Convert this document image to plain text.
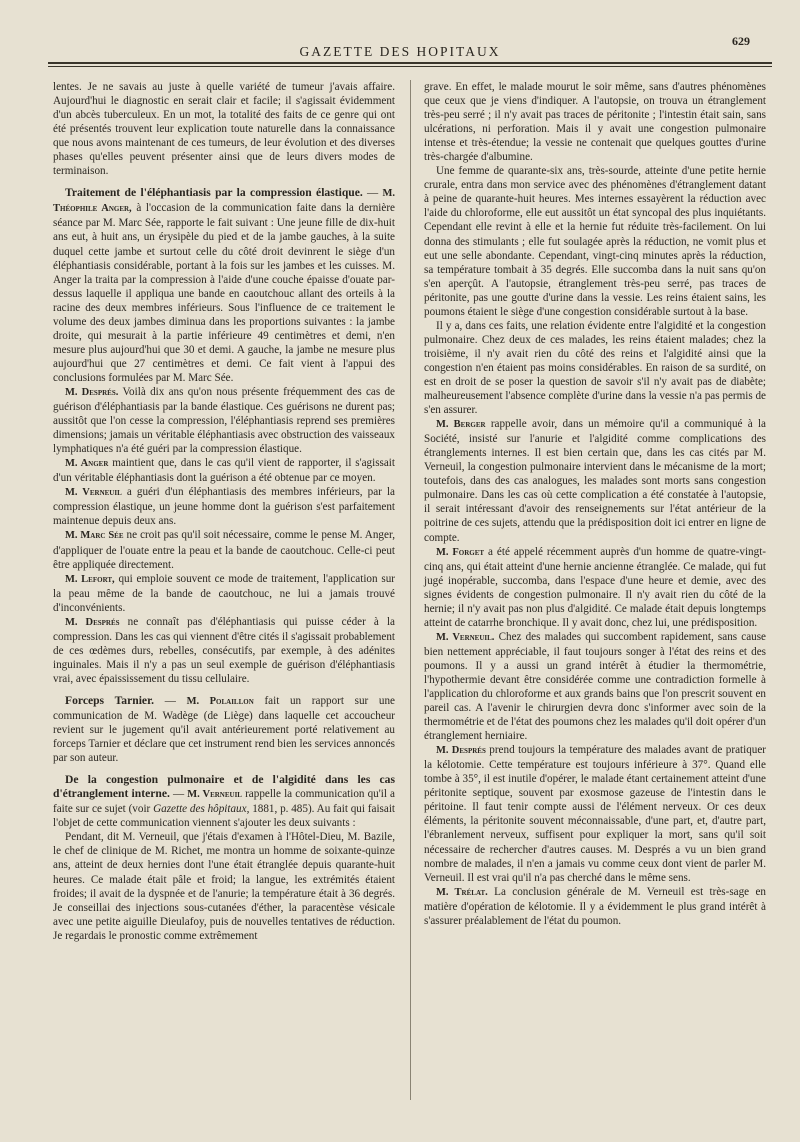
GAZETTE DES HOPITAUX
629

lentes. Je ne savais au juste à quelle variété de tumeur j'avais affaire. Aujourd'hui le diagnostic en serait clair et facile; il s'agissait évidemment d'un abcès tuberculeux. En un mot, la totalité des faits de ce genre qui ont été présentés trouvent leur explication toute naturelle dans la connaissance que nous avons maintenant de ces tumeurs, de leur évolution et des diverses phases qu'elles peuvent présenter ainsi que de leurs divers modes de terminaison.

Traitement de l'éléphantiasis par la compression élastique. — M. Théophile Anger, à l'occasion de la communication faite dans la dernière séance par M. Marc Sée, rapporte le fait suivant : Une jeune fille de dix-huit ans eut, à huit ans, un érysipèle du pied et de la jambe gauches, à la suite duquel cette jambe et surtout celle du côté droit devinrent le siège d'un éléphantiasis considérable, portant à la fois sur les jambes et les cuisses. M. Anger la traita par la compression à l'aide d'une couche épaisse d'ouate par-dessus laquelle il appliqua une bande en caoutchouc allant des orteils à la racine des deux membres inférieurs. Sous l'influence de ce traitement le volume des deux jambes diminua dans les proportions suivantes : la jambe droite, qui mesurait à la partie inférieure 49 centimètres et demi, n'en mesure plus aujourd'hui que 30 et demi. A gauche, la jambe ne mesure plus aujourd'hui que 27 centimètres et demi. Ce fait vient à l'appui des conclusions formulées par M. Marc Sée.

M. Després. Voilà dix ans qu'on nous présente fréquemment des cas de guérison d'éléphantiasis par la bande élastique. Ces guérisons ne durent pas; aussitôt que l'on cesse la compression, l'éléphantiasis reprend ses premières dimensions; jamais un véritable éléphantiasis avec obstruction des vaisseaux lymphatiques n'a été guéri par la compression élastique.

M. Anger maintient que, dans le cas qu'il vient de rapporter, il s'agissait d'un véritable éléphantiasis dont la guérison a été obtenue par ce moyen.

M. Verneuil a guéri d'un éléphantiasis des membres inférieurs, par la compression élastique, un jeune homme dont la guérison s'est parfaitement maintenue depuis deux ans.

M. Marc Sée ne croit pas qu'il soit nécessaire, comme le pense M. Anger, d'appliquer de l'ouate entre la peau et la bande de caoutchouc. Celle-ci peut être appliquée directement.

M. Lefort, qui emploie souvent ce mode de traitement, l'application sur la peau même de la bande de caoutchouc, ne lui a jamais trouvé d'inconvénients.

M. Després ne connaît pas d'éléphantiasis qui puisse céder à la compression. Dans les cas qui viennent d'être cités il s'agissait probablement de ces œdèmes durs, rebelles, consécutifs, par exemple, à des adénites inguinales. Mais il n'y a pas un seul exemple de guérison d'éléphantiasis vrai, avec épaississement du tissu cellulaire.

Forceps Tarnier. — M. Polaillon fait un rapport sur une communication de M. Wadège (de Liège) dans laquelle cet accoucheur revient sur le jugement qu'il avait antérieurement porté relativement au forceps Tarnier et déclare que cet instrument rend bien les services annoncés par son auteur.

De la congestion pulmonaire et de l'algidité dans les cas d'étranglement interne. — M. Verneuil rappelle la communication qu'il a faite sur ce sujet (voir Gazette des hôpitaux, 1881, p. 485). Au fait qui faisait l'objet de cette communication viennent s'ajouter les deux suivants :

Pendant, dit M. Verneuil, que j'étais d'examen à l'Hôtel-Dieu, M. Bazile, le chef de clinique de M. Richet, me montra un homme de soixante-quinze ans, atteint de deux hernies dont l'une était étranglée depuis quarante-huit heures. Ce malade était pâle et froid; la langue, les extrémités étaient froides; il avait de la dyspnée et de l'anurie; la température était à 36 degrés. Je conseillai des injections sous-cutanées d'éther, la paracentèse vésicale avec une petite aiguille Dieulafoy, puis de nouvelles tentatives de réduction. Je regardais le pronostic comme extrêmement

grave. En effet, le malade mourut le soir même, sans d'autres phénomènes que ceux que je viens d'indiquer. A l'autopsie, on trouva un étranglement très-peu serré ; il n'y avait pas traces de péritonite ; l'intestin était sain, sans ulcérations, ni perforation. Mais il y avait une congestion pulmonaire intense et très-étendue; la vessie ne contenait que quelques gouttes d'urine très-chargée d'albumine.

Une femme de quarante-six ans, très-sourde, atteinte d'une petite hernie crurale, entra dans mon service avec des phénomènes d'étranglement datant à peine de quarante-huit heures. Mes internes essayèrent la réduction avec l'aide du chloroforme, elle eut aussitôt un état syncopal des plus inquiétants. Cependant elle revint à elle et la hernie fut réduite très-facilement. On lui donna des stimulants ; elle fut soulagée après la réduction, ne vomit plus et eut une selle abondante. Cependant, vingt-cinq minutes après la réduction, sa température tombait à 35 degrés. Elle succomba dans la nuit sans qu'on s'en aperçût. A l'autopsie, étranglement très-peu serré, pas traces de péritonite, pas une goutte d'urine dans la vessie. Les reins étaient sains, les poumons étaient le siège d'une congestion considérable surtout à la base.

Il y a, dans ces faits, une relation évidente entre l'algidité et la congestion pulmonaire. Chez deux de ces malades, les reins étaient malades; chez la troisième, il n'y avait rien du côté des reins et l'algidité ainsi que la congestion n'en étaient pas moins considérables. En raison de sa surdité, on est en droit de se poser la question de savoir s'il n'y avait pas de diabète; malheureusement l'absence complète d'urine dans la vessie n'a pas permis de s'en assurer.

M. Berger rappelle avoir, dans un mémoire qu'il a communiqué à la Société, insisté sur l'anurie et l'algidité comme complications des étranglements internes. Il est bien certain que, dans les cas cités par M. Verneuil, la congestion pulmonaire intervient dans le mécanisme de la mort; toutefois, dans des cas analogues, les malades sont morts sans congestion pulmonaire. Dans les cas où cette complication a été constatée à l'autopsie, il serait intéressant d'avoir des renseignements sur l'état antérieur de la poitrine de ces sujets, attendu que la prédisposition doit ici entrer en ligne de compte.

M. Forget a été appelé récemment auprès d'un homme de quatre-vingt-cinq ans, qui était atteint d'une hernie ancienne étranglée. Ce malade, qui fut jugé inopérable, succomba, dans l'espace d'une heure et demie, avec des signes évidents de congestion pulmonaire. Il n'y avait rien du côté de la hernie; il n'y avait pas non plus d'algidité. Ce malade était depuis longtemps atteint de catarrhe bronchique. Il y avait donc, chez lui, une prédisposition.

M. Verneuil. Chez des malades qui succombent rapidement, sans cause bien nettement appréciable, il faut toujours songer à l'état des reins et des poumons. Il y a aussi un grand intérêt à étudier la thermométrie, l'hypothermie devant être considérée comme une contradiction formelle à l'application du chloroforme et aux grands bains que l'on prescrit souvent en pareil cas. A l'avenir le chirurgien devra donc s'informer avec soin de la thermométrie et de l'état des poumons chez les malades qu'il doit opérer d'un étranglement herniaire.

M. Després prend toujours la température des malades avant de pratiquer la kélotomie. Cette température est toujours inférieure à 37°. Quand elle tombe à 35°, il est inutile d'opérer, le malade étant certainement atteint d'une péritonite septique, souvent par exosmose gazeuse de l'intestin dans le péritoine. Il faut tenir compte aussi de l'élément nerveux. Or ces deux éléments, la péritonite souvent méconnaissable, d'une part, et, d'autre part, l'ébranlement nerveux, suffisent pour expliquer la mort, sans qu'il soit nécessaire de rechercher d'autres causes. M. Després a vu un bien grand nombre de malades, il n'en a jamais vu comme ceux dont vient de parler M. Verneuil. Il est vrai qu'il n'a pas cherché dans le même sens.

M. Trélat. La conclusion générale de M. Verneuil est très-sage en matière d'opération de kélotomie. Il y a évidemment le plus grand intérêt à s'assurer préalablement de l'état du poumon.
